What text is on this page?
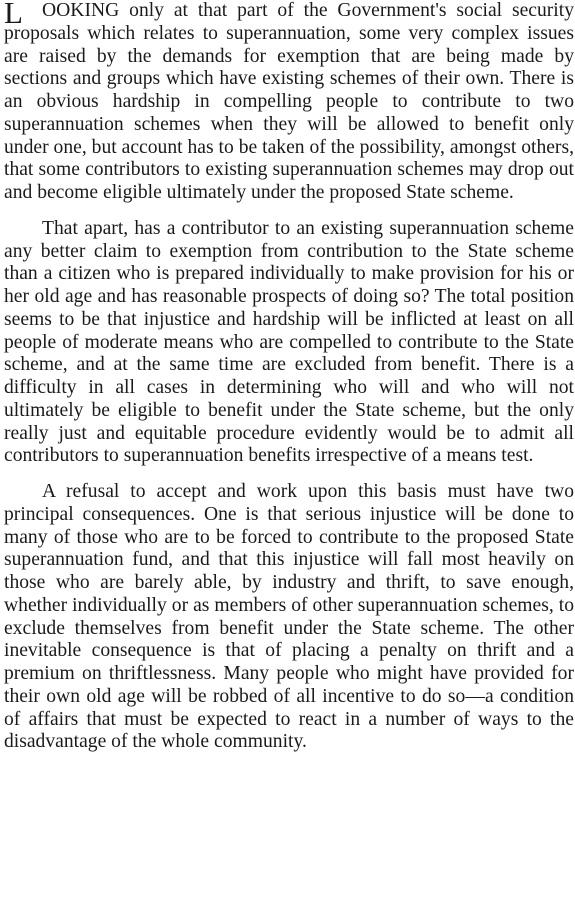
L OOKING only at that part of the Government's social security proposals which relates to superannuation, some very complex issues are raised by the demands for exemption that are being made by sections and groups which have existing schemes of their own. There is an obvious hardship in compelling people to contribute to two superannuation schemes when they will be allowed to benefit only under one, but account has to be taken of the possibility, amongst others, that some contributors to existing superannuation schemes may drop out and become eligible ultimately under the proposed State scheme.

That apart, has a contributor to an existing superannuation scheme any better claim to exemption from contribution to the State scheme than a citizen who is prepared individually to make provision for his or her old age and has reasonable prospects of doing so? The total position seems to be that injustice and hardship will be inflicted at least on all people of moderate means who are compelled to contribute to the State scheme, and at the same time are excluded from benefit. There is a difficulty in all cases in determining who will and who will not ultimately be eligible to benefit under the State scheme, but the only really just and equitable procedure evidently would be to admit all contributors to superannuation benefits irrespective of a means test.

A refusal to accept and work upon this basis must have two principal consequences. One is that serious injustice will be done to many of those who are to be forced to contribute to the proposed State superannuation fund, and that this injustice will fall most heavily on those who are barely able, by industry and thrift, to save enough, whether individually or as members of other superannuation schemes, to exclude themselves from benefit under the State scheme. The other inevitable consequence is that of placing a penalty on thrift and a premium on thriftlessness. Many people who might have provided for their own old age will be robbed of all incentive to do so—a condition of affairs that must be expected to react in a number of ways to the disadvantage of the whole community.
